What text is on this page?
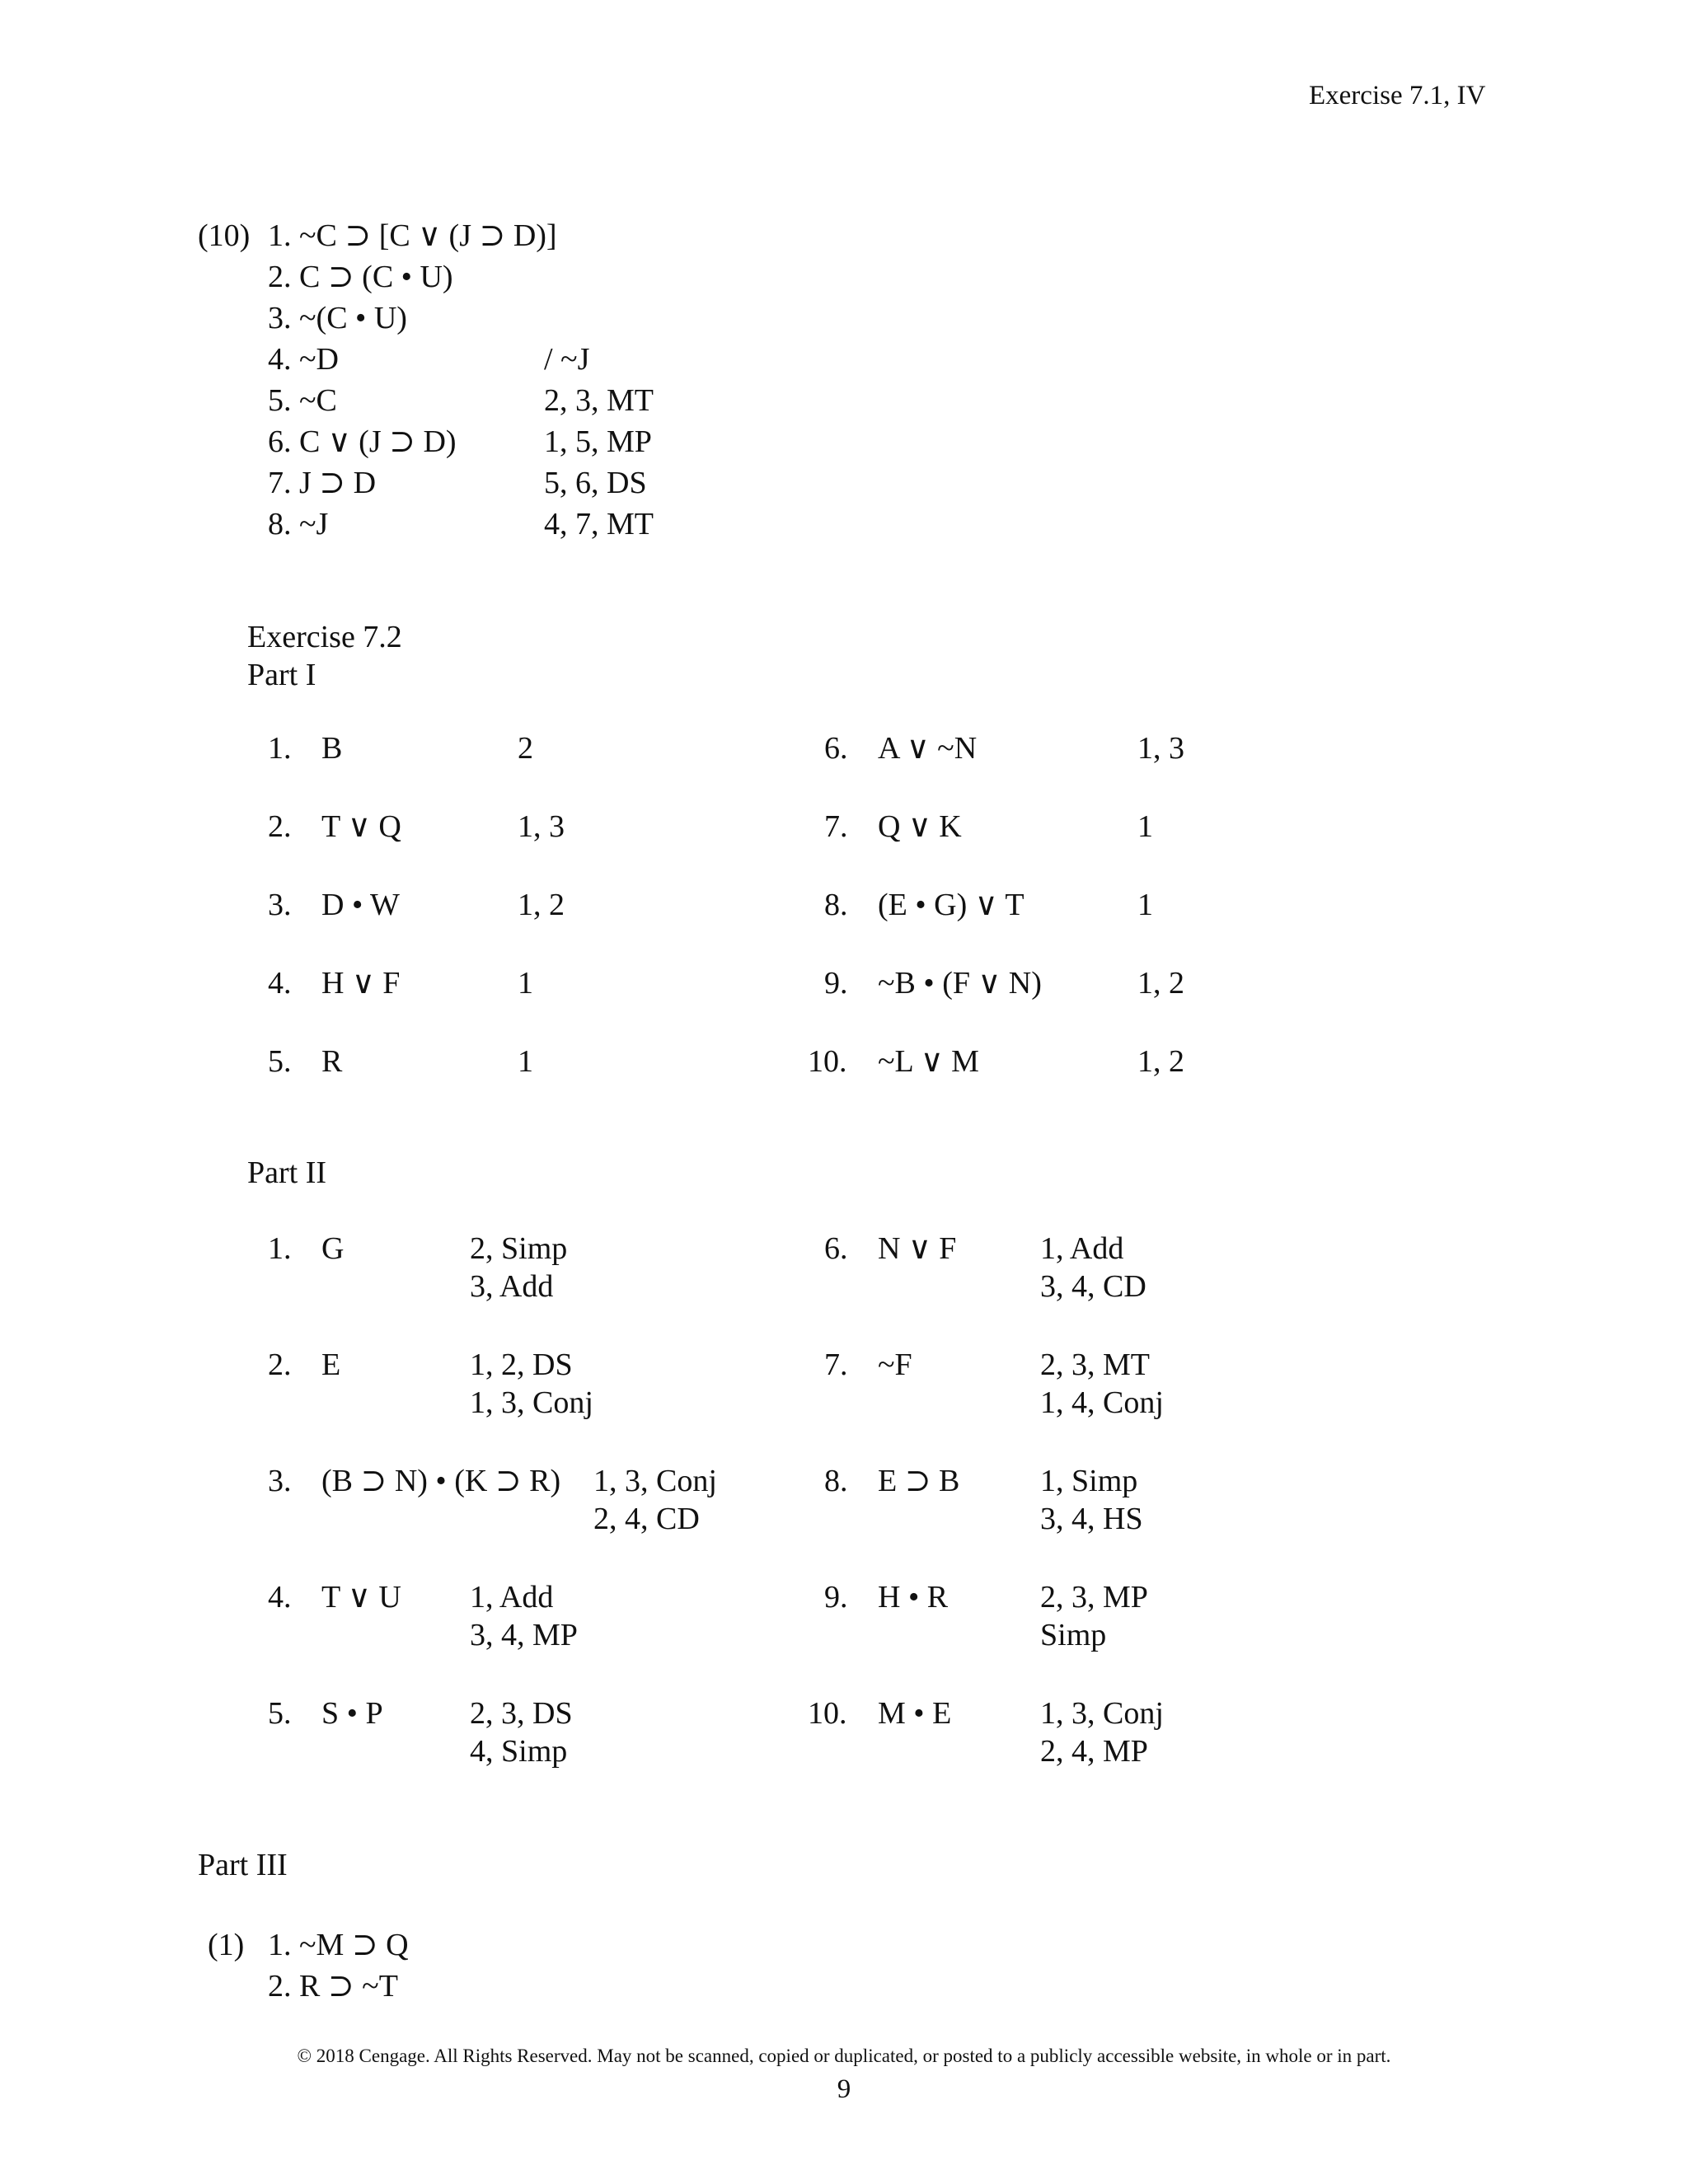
Exercise 7.1, IV
(10) 1. ~C ⊃ [C ∨ (J ⊃ D)]
2. C ⊃ (C • U)
3. ~(C • U)
4. ~D	/ ~J
5. ~C	2, 3, MT
6. C ∨ (J ⊃ D)	1, 5, MP
7. J ⊃ D	5, 6, DS
8. ~J	4, 7, MT
Exercise 7.2
Part I
1. B	2
2. T ∨ Q	1, 3
3. D • W	1, 2
4. H ∨ F	1
5. R	1
6. A ∨ ~N	1, 3
7. Q ∨ K	1
8. (E • G) ∨ T	1
9. ~B • (F ∨ N)	1, 2
10. ~L ∨ M	1, 2
Part II
1. G	2, Simp
3, Add
2. E	1, 2, DS
1, 3, Conj
3. (B ⊃ N) • (K ⊃ R) 1, 3, Conj
2, 4, CD
4. T ∨ U 1, Add
3, 4, MP
5. S • P	2, 3, DS
4, Simp
6. N ∨ F	1, Add
3, 4, CD
7. ~F	2, 3, MT
1, 4, Conj
8. E ⊃ B	1, Simp
3, 4, HS
9. H • R	2, 3, MP
Simp
10. M • E	1, 3, Conj
2, 4, MP
Part III
(1) 1. ~M ⊃ Q
2. R ⊃ ~T
© 2018 Cengage. All Rights Reserved. May not be scanned, copied or duplicated, or posted to a publicly accessible website, in whole or in part.
9
